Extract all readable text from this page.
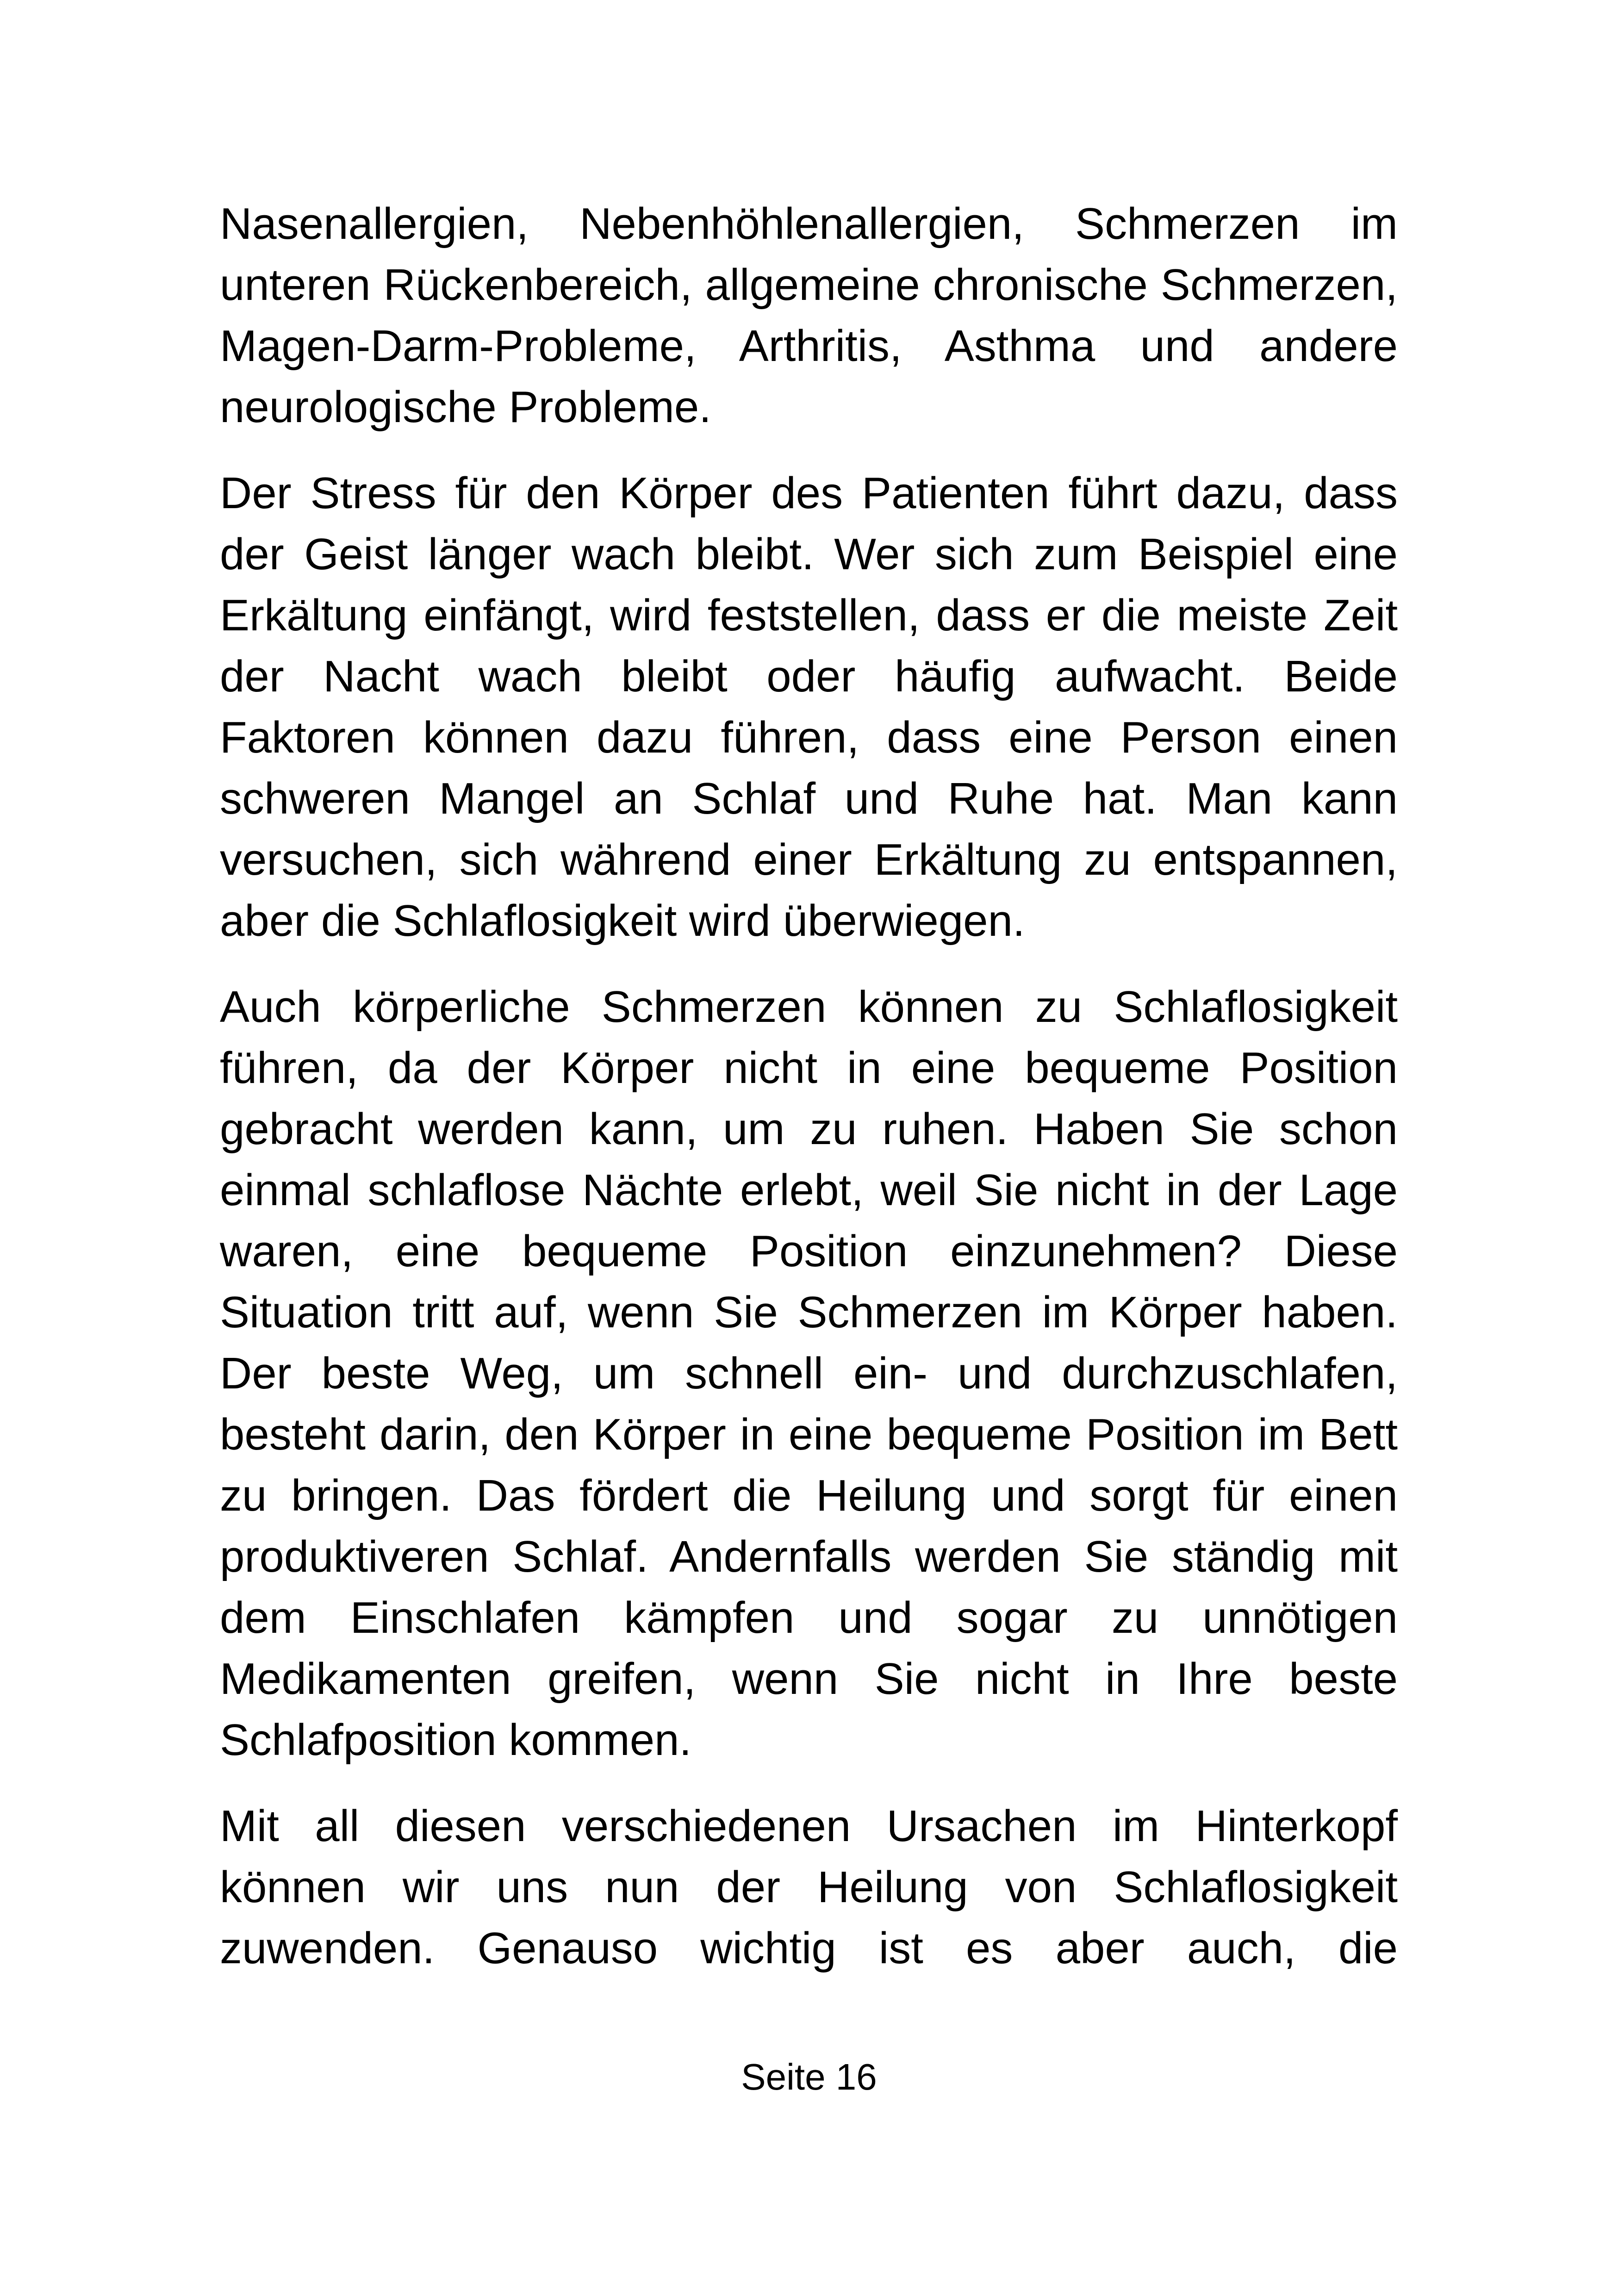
Nasenallergien, Nebenhöhlenallergien, Schmerzen im unteren Rückenbereich, allgemeine chronische Schmerzen, Magen-Darm-Probleme, Arthritis, Asthma und andere neurologische Probleme.

Der Stress für den Körper des Patienten führt dazu, dass der Geist länger wach bleibt. Wer sich zum Beispiel eine Erkältung einfängt, wird feststellen, dass er die meiste Zeit der Nacht wach bleibt oder häufig aufwacht. Beide Faktoren können dazu führen, dass eine Person einen schweren Mangel an Schlaf und Ruhe hat. Man kann versuchen, sich während einer Erkältung zu entspannen, aber die Schlaflosigkeit wird überwiegen.

Auch körperliche Schmerzen können zu Schlaflosigkeit führen, da der Körper nicht in eine bequeme Position gebracht werden kann, um zu ruhen. Haben Sie schon einmal schlaflose Nächte erlebt, weil Sie nicht in der Lage waren, eine bequeme Position einzunehmen? Diese Situation tritt auf, wenn Sie Schmerzen im Körper haben. Der beste Weg, um schnell ein- und durchzuschlafen, besteht darin, den Körper in eine bequeme Position im Bett zu bringen. Das fördert die Heilung und sorgt für einen produktiveren Schlaf. Andernfalls werden Sie ständig mit dem Einschlafen kämpfen und sogar zu unnötigen Medikamenten greifen, wenn Sie nicht in Ihre beste Schlafposition kommen.

Mit all diesen verschiedenen Ursachen im Hinterkopf können wir uns nun der Heilung von Schlaflosigkeit zuwenden. Genauso wichtig ist es aber auch, die

Seite 16
